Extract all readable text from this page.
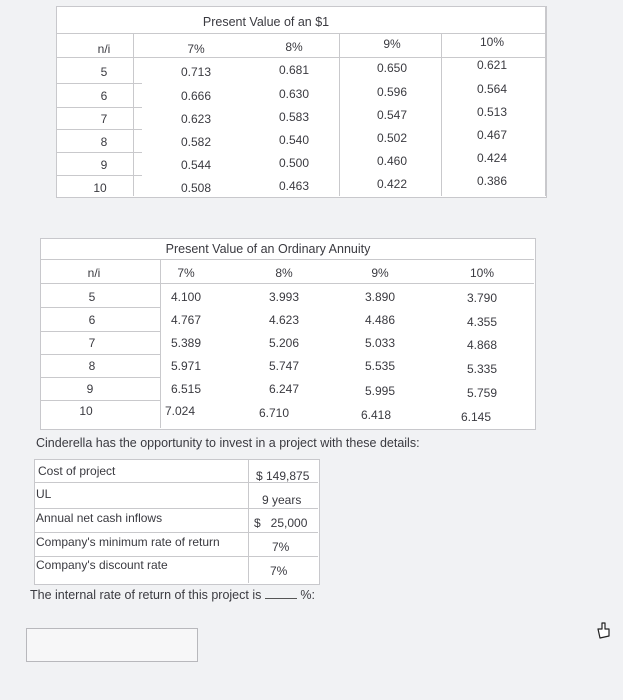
Present Value of an $1
n/i	7%	8%	9%	10%
5	0.713	0.681	0.650	0.621
6	0.666	0.630	0.596	0.564
7	0.623	0.583	0.547	0.513
8	0.582	0.540	0.502	0.467
9	0.544	0.500	0.460	0.424
10	0.508	0.463	0.422	0.386
Present Value of an Ordinary Annuity
n/i	7%	8%	9%	10%
5	4.100	3.993	3.890	3.790
6	4.767	4.623	4.486	4.355
7	5.389	5.206	5.033	4.868
8	5.971	5.747	5.535	5.335
9	6.515	6.247	5.995	5.759
10	7.024	6.710	6.418	6.145
Cinderella has the opportunity to invest in a project with these details:
Cost of project	$ 149,875
UL	9 years
Annual net cash inflows	$   25,000
Company's minimum rate of return	7%
Company's discount rate	7%
The internal rate of return of this project is	%:
